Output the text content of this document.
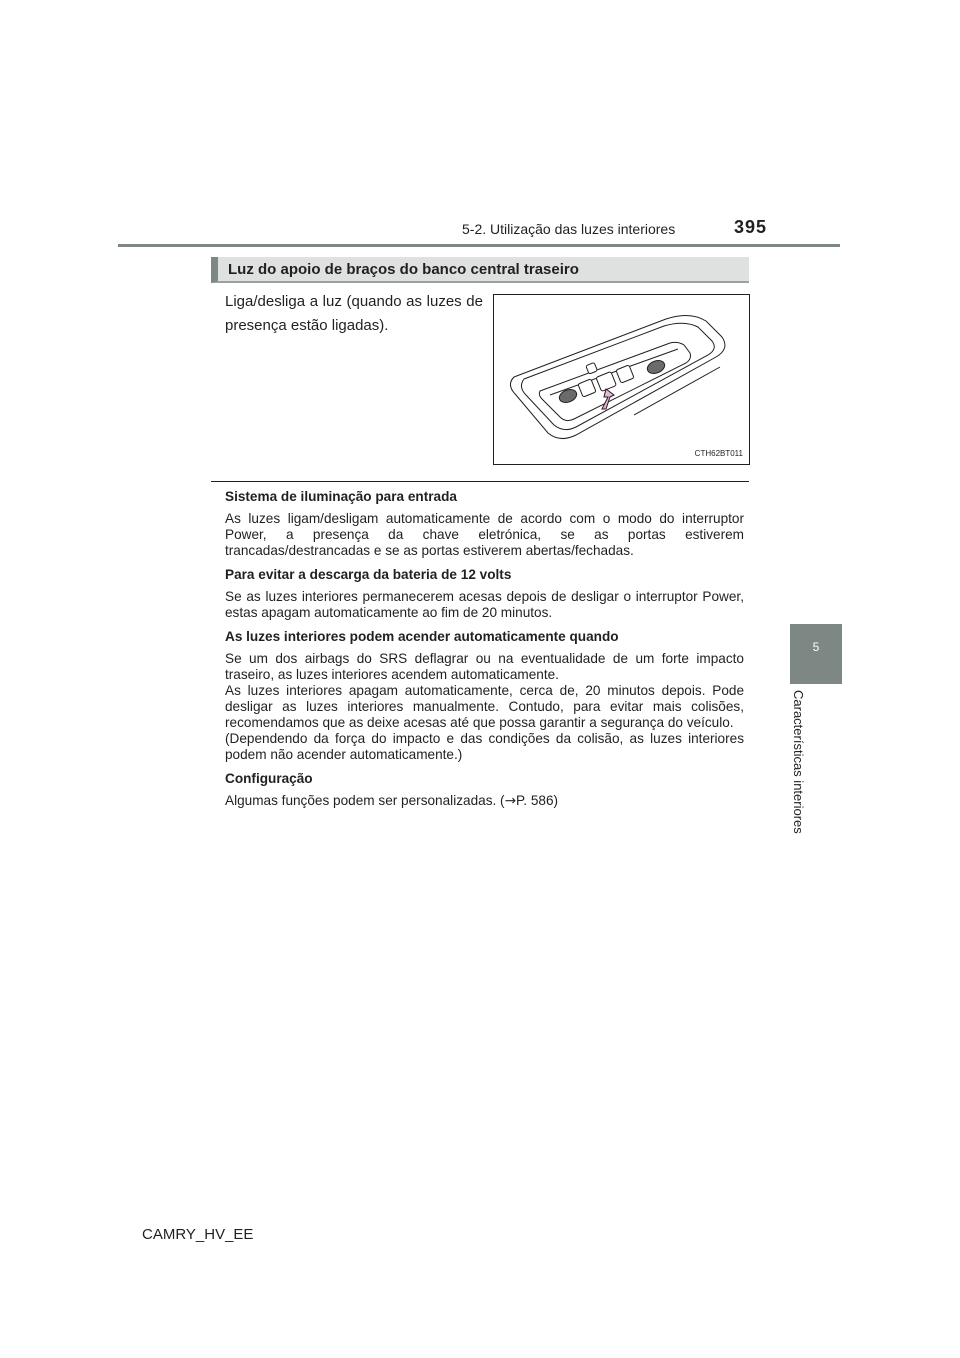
5-2. Utilização das luzes interiores	395
5
Características interiores
Luz do apoio de braços do banco central traseiro
Liga/desliga a luz (quando as luzes de presença estão ligadas).
CTH62BT011
Sistema de iluminação para entrada

As luzes ligam/desligam automaticamente de acordo com o modo do interruptor Power, a presença da chave eletrónica, se as portas estiverem trancadas/destrancadas e se as portas estiverem abertas/fechadas.

Para evitar a descarga da bateria de 12 volts

Se as luzes interiores permanecerem acesas depois de desligar o interruptor Power, estas apagam automaticamente ao fim de 20 minutos.

As luzes interiores podem acender automaticamente quando

Se um dos airbags do SRS deflagrar ou na eventualidade de um forte impacto traseiro, as luzes interiores acendem automaticamente.

As luzes interiores apagam automaticamente, cerca de, 20 minutos depois. Pode desligar as luzes interiores manualmente. Contudo, para evitar mais colisões, recomendamos que as deixe acesas até que possa garantir a segurança do veículo.

(Dependendo da força do impacto e das condições da colisão, as luzes interiores podem não acender automaticamente.)

Configuração

Algumas funções podem ser personalizadas. (→P. 586)

CAMRY_HV_EE
